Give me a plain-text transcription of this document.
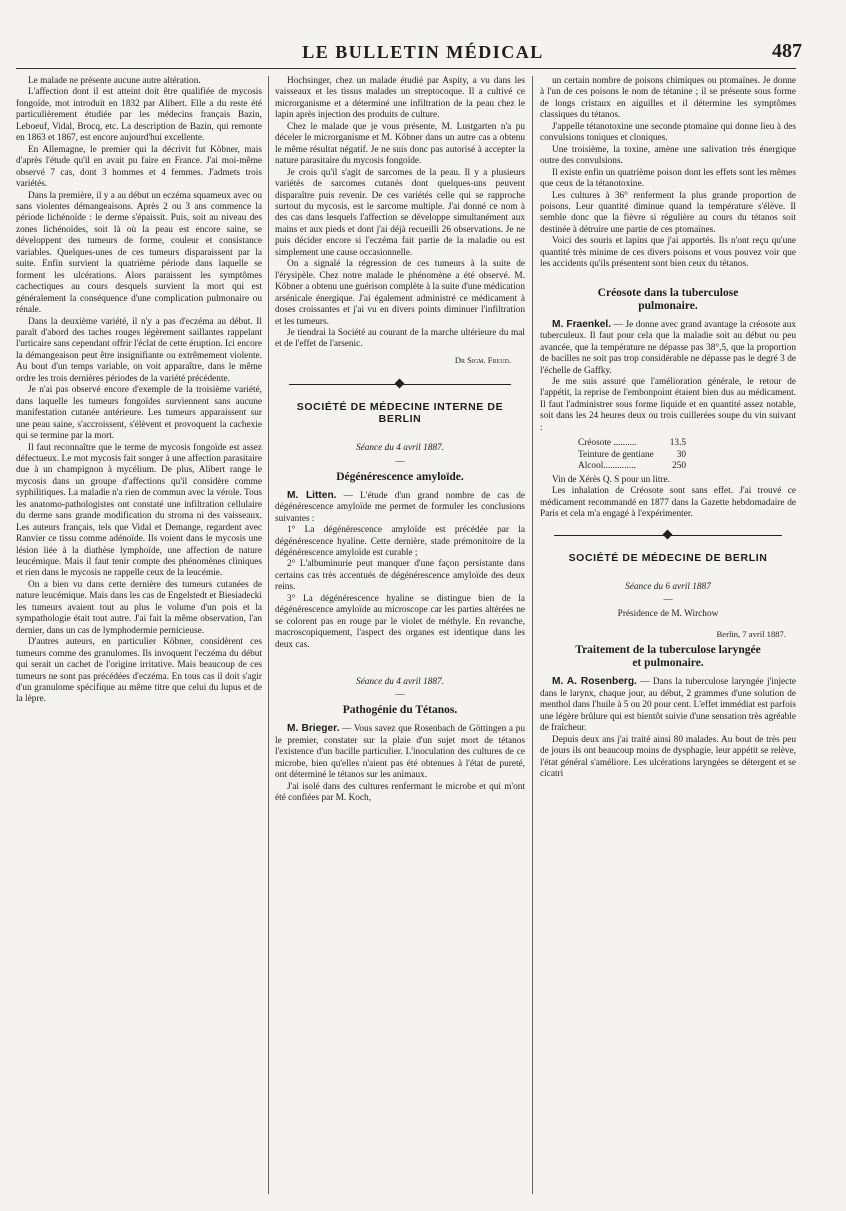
LE BULLETIN MÉDICAL	487

Le malade ne présente aucune autre altération.

L'affection dont il est atteint doit être qualifiée de mycosis fongoïde, mot introduit en 1832 par Alibert. Elle a du reste été particulièrement étudiée par les médecins français Bazin, Leboeuf, Vidal, Brocq, etc. La description de Bazin, qui remonte en 1863 et 1867, est encore aujourd'hui excellente.

En Allemagne, le premier qui la décrivit fut Köbner, mais d'après l'étude qu'il en avait pu faire en France. J'ai moi-même observé 7 cas, dont 3 hommes et 4 femmes. J'admets trois variétés.

Dans la première, il y a au début un eczéma squameux avec ou sans violentes démangeaisons. Après 2 ou 3 ans commence la période lichénoïde : le derme s'épaissit. Puis, soit au niveau des zones lichénoïdes, soit là où la peau est encore saine, se développent des tumeurs de forme, couleur et consistance variables. Quelques-unes de ces tumeurs disparaissent par la suite. Enfin survient la quatrième période dans laquelle se forment les ulcérations. Alors paraissent les symptômes cachectiques au cours desquels survient la mort qui est généralement la conséquence d'une complication pulmonaire ou rénale.

Dans la deuxième variété, il n'y a pas d'eczéma au début. Il paraît d'abord des taches rouges légèrement saillantes rappelant l'urticaire sans cependant offrir l'éclat de cette éruption. Ici encore la démangeaison peut être insignifiante ou extrêmement violente. Au bout d'un temps variable, on voit apparaître, dans le même ordre les trois dernières périodes de la variété précédente.

Je n'ai pas observé encore d'exemple de la troisième variété, dans laquelle les tumeurs fongoïdes surviennent sans aucune manifestation cutanée antérieure. Les tumeurs apparaissent sur une peau saine, s'accroissent, s'élèvent et provoquent la cachexie qui se termine par la mort.

Il faut reconnaître que le terme de mycosis fongoïde est assez défectueux. Le mot mycosis fait songer à une affection parasitaire due à un champignon à mycélium. De plus, Alibert range le mycosis dans un groupe d'affections qu'il considère comme syphilitiques. La maladie n'a rien de commun avec la vérole. Tous les anatomo-pathologistes ont constaté une infiltration cellulaire du derme sans grande modification du stroma ni des vaisseaux. Les auteurs français, tels que Vidal et Demange, regardent avec Ranvier ce tissu comme adénoïde. Ils voient dans le mycosis une lésion liée à la diathèse lymphoïde, une affection de nature leucémique. Mais il faut tenir compte des phénomènes cliniques et rien dans le mycosis ne rappelle ceux de la leucémie.

On a bien vu dans cette dernière des tumeurs cutanées de nature leucémique. Mais dans les cas de Engelstedt et Biesiadecki les tumeurs avaient tout au plus le volume d'un pois et la sympathologie était tout autre. J'ai fait la même observation, l'an dernier, dans un cas de lymphodermie pernicieuse.

D'autres auteurs, en particulier Köbner, considèrent ces tumeurs comme des granulomes. Ils invoquent l'eczéma du début qui serait un cachet de l'origine irritative. Mais beaucoup de ces tumeurs ne sont pas précédées d'eczéma. En tous cas il doit s'agir d'un granulome spécifique au même titre que celui du lupus et de la lèpre.

Hochsinger, chez un malade étudié par Aspity, a vu dans les vaisseaux et les tissus malades un streptocoque. Il a cultivé ce microrganisme et a déterminé une infiltration de la peau chez le lapin après injection des produits de culture.

Chez le malade que je vous présente, M. Lustgarten n'a pu déceler le microrganisme et M. Köbner dans un autre cas a obtenu le même résultat négatif. Je ne suis donc pas autorisé à accepter la nature parasitaire du mycosis fongoïde.

Je crois qu'il s'agit de sarcomes de la peau. Il y a plusieurs variétés de sarcomes cutanés dont quelques-uns peuvent disparaître puis revenir. De ces variétés celle qui se rapproche surtout du mycosis, est le sarcome multiple. J'ai donné ce nom à des cas dans lesquels l'affection se développe simultanément aux mains et aux pieds et dont j'ai déjà recueilli 26 observations. Je ne puis décider encore si l'eczéma fait partie de la maladie ou est simplement une cause occasionnelle.

On a signalé la régression de ces tumeurs à la suite de l'érysipèle. Chez notre malade le phénomène a été observé. M. Köbner a obtenu une guérison complète à la suite d'une médication arsénicale énergique. J'ai également administré ce médicament à doses croissantes et j'ai vu en divers points diminuer l'infiltration et les tumeurs.

Je tiendrai la Société au courant de la marche ultérieure du mal et de l'effet de l'arsenic.

Dr Sigm. Freud.
SOCIÉTÉ DE MÉDECINE INTERNE DE BERLIN
Séance du 4 avril 1887.
—
Dégénérescence amyloïde.

M. Litten. — L'étude d'un grand nombre de cas de dégénérescence amyloïde me permet de formuler les conclusions suivantes :

1° La dégénérescence amyloïde est précédée par la dégénérescence hyaline. Cette dernière, stade prémonitoire de la dégénérescence amyloïde est curable ;

2° L'albuminurie peut manquer d'une façon persistante dans certains cas très accentués de dégénérescence amyloïde des deux reins.

3° La dégénérescence hyaline se distingue bien de la dégénérescence amyloïde au microscope car les parties altérées ne se colorent pas en rouge par le violet de méthyle. En revanche, macroscopiquement, l'aspect des organes est identique dans les deux cas.

Séance du 4 avril 1887.
—
Pathogénie du Tétanos.

M. Brieger. — Vous savez que Rosenbach de Göttingen a pu le premier, constater sur la plaie d'un sujet mort de tétanos l'existence d'un bacille particulier. L'inoculation des cultures de ce microbe, bien qu'elles n'aient pas été obtenues à l'état de pureté, ont déterminé le tétanos sur les animaux.

J'ai isolé dans des cultures renfermant le microbe et qui m'ont été confiées par M. Koch,

un certain nombre de poisons chimiques ou ptomaïnes. Je donne à l'un de ces poisons le nom de tétanine ; il se présente sous forme de longs cristaux en aiguilles et il détermine les symptômes classiques du tétanos.

J'appelle tétanotoxine une seconde ptomaïne qui donne lieu à des convulsions toniques et cloniques.

Une troisième, la toxine, amène une salivation très énergique outre des convulsions.

Il existe enfin un quatrième poison dont les effets sont les mêmes que ceux de la tétanotoxine.

Les cultures à 36° renferment la plus grande proportion de poisons. Leur quantité diminue quand la température s'élève. Il semble donc que la fièvre si régulière au cours du tétanos soit destinée à détruire une partie de ces ptomaïnes.

Voici des souris et lapins que j'ai apportés. Ils n'ont reçu qu'une quantité très minime de ces divers poisons et vous pouvez voir que les accidents qu'ils présentent sont bien ceux du tétanos.

Créosote dans la tuberculose
pulmonaire.

M. Fraenkel. — Je donne avec grand avantage la créosote aux tuberculeux. Il faut pour cela que la maladie soit au début ou peu avancée, que la température ne dépasse pas 38°,5, que la proportion de bacilles ne soit pas trop considérable ne dépasse pas le degré 3 de l'échelle de Gaffky.

Je me suis assuré que l'amélioration générale, le retour de l'appétit, la reprise de l'embonpoint étaient bien dus au médicament. Il faut l'administrer sous forme liquide et en quantité assez notable, soit dans les 24 heures deux ou trois cuillerées soupe du vin suivant :

Créosote ..........	13.5
Teinture de gentiane	30
Alcool..............	250

Vin de Xérès Q. S pour un litre.

Les inhalation de Créosote sont sans effet. J'ai trouvé ce médicament recommandé en 1877 dans la Gazette hebdomadaire de Paris et cela m'a engagé à l'expérimenter.

SOCIÉTÉ DE MÉDECINE DE BERLIN
Séance du 6 avril 1887
—
Présidence de M. Wirchow
Berlin, 7 avril 1887.
Traitement de la tuberculose laryngée
et pulmonaire.

M. A. Rosenberg. — Dans la tuberculose laryngée j'injecte dans le larynx, chaque jour, au début, 2 grammes d'une solution de menthol dans l'huile à 5 ou 20 pour cent. L'effet immédiat est parfois une légère brûlure qui est bientôt suivie d'une sensation très agréable de fraîcheur.

Depuis deux ans j'ai traité ainsi 80 malades. Au bout de très peu de jours ils ont beaucoup moins de dysphagie, leur appétit se relève, l'état général s'améliore. Les ulcérations laryngées se détergent et se cicatri
